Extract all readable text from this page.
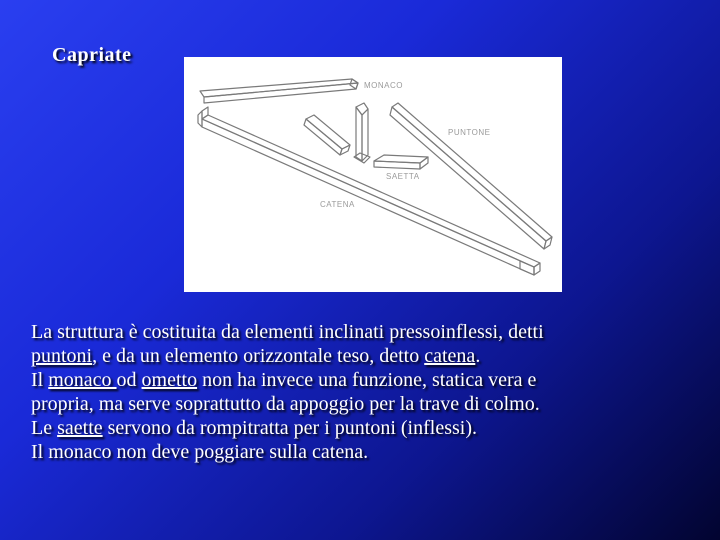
Capriate
MONACO
PUNTONE
SAETTA
CATENA
La struttura è costituita da elementi inclinati pressoinflessi, detti
puntoni, e da un elemento orizzontale teso, detto catena.
Il monaco od ometto non ha invece una funzione, statica vera e
propria, ma serve soprattutto da appoggio per la trave di colmo.
Le saette servono da rompitratta per i puntoni (inflessi).
Il monaco non deve poggiare sulla catena.
